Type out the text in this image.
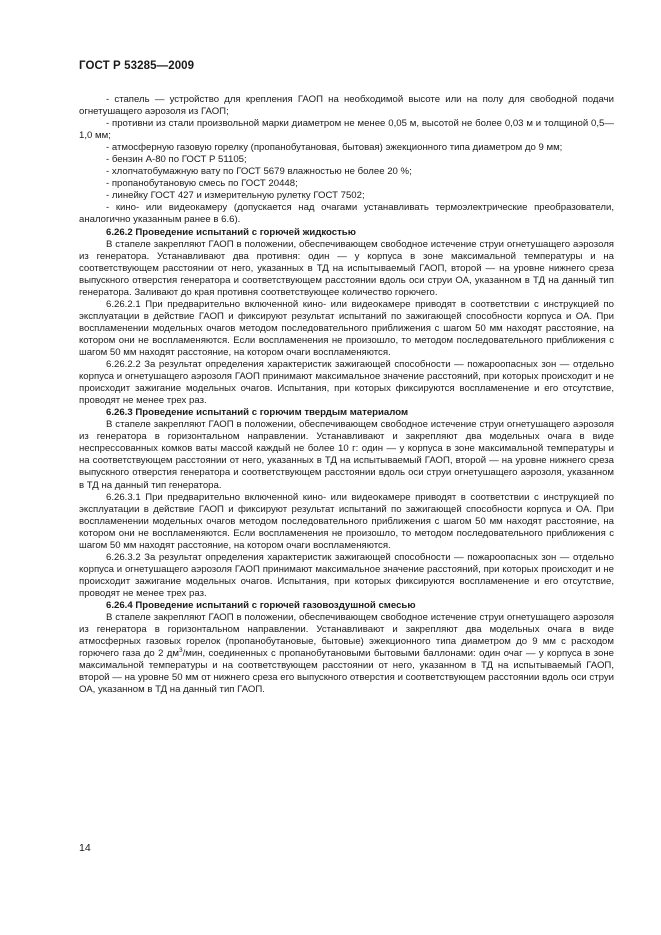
ГОСТ Р 53285—2009

- стапель — устройство для крепления ГАОП на необходимой высоте или на полу для свободной подачи огнетушащего аэрозоля из ГАОП;

- противни из стали произвольной марки диаметром не менее 0,05 м, высотой не более 0,03 м и толщиной 0,5—1,0 мм;

- атмосферную газовую горелку (пропанобутановая, бытовая) эжекционного типа диаметром до 9 мм;

- бензин А-80 по ГОСТ Р 51105;

- хлопчатобумажную вату по ГОСТ 5679 влажностью не более 20 %;

- пропанобутановую смесь по ГОСТ 20448;

- линейку ГОСТ 427 и измерительную рулетку ГОСТ 7502;

- кино- или видеокамеру (допускается над очагами устанавливать термоэлектрические преобразователи, аналогично указанным ранее в 6.6).

6.26.2 Проведение испытаний с горючей жидкостью

В стапеле закрепляют ГАОП в положении, обеспечивающем свободное истечение струи огнетушащего аэрозоля из генератора. Устанавливают два противня: один — у корпуса в зоне максимальной температуры и на соответствующем расстоянии от него, указанных в ТД на испытываемый ГАОП, второй — на уровне нижнего среза выпускного отверстия генератора и соответствующем расстоянии вдоль оси струи ОА, указанном в ТД на данный тип генератора. Заливают до края противня соответствующее количество горючего.

6.26.2.1 При предварительно включенной кино- или видеокамере приводят в соответствии с инструкцией по эксплуатации в действие ГАОП и фиксируют результат испытаний по зажигающей способности корпуса и ОА. При воспламенении модельных очагов методом последовательного приближения с шагом 50 мм находят расстояние, на котором они не воспламеняются. Если воспламенения не произошло, то методом последовательного приближения с шагом 50 мм находят расстояние, на котором очаги воспламеняются.

6.26.2.2 За результат определения характеристик зажигающей способности — пожароопасных зон — отдельно корпуса и огнетушащего аэрозоля ГАОП принимают максимальное значение расстояний, при которых происходит и не происходит зажигание модельных очагов. Испытания, при которых фиксируются воспламенение и его отсутствие, проводят не менее трех раз.

6.26.3 Проведение испытаний с горючим твердым материалом

В стапеле закрепляют ГАОП в положении, обеспечивающем свободное истечение струи огнетушащего аэрозоля из генератора в горизонтальном направлении. Устанавливают и закрепляют два модельных очага в виде неспрессованных комков ваты массой каждый не более 10 г: один — у корпуса в зоне максимальной температуры и на соответствующем расстоянии от него, указанных в ТД на испытываемый ГАОП, второй — на уровне нижнего среза выпускного отверстия генератора и соответствующем расстоянии вдоль оси струи огнетушащего аэрозоля, указанном в ТД на данный тип генератора.

6.26.3.1 При предварительно включенной кино- или видеокамере приводят в соответствии с инструкцией по эксплуатации в действие ГАОП и фиксируют результат испытаний по зажигающей способности корпуса и ОА. При воспламенении модельных очагов методом последовательного приближения с шагом 50 мм находят расстояние, на котором они не воспламеняются. Если воспламенения не произошло, то методом последовательного приближения с шагом 50 мм находят расстояние, на котором очаги воспламеняются.

6.26.3.2 За результат определения характеристик зажигающей способности — пожароопасных зон — отдельно корпуса и огнетушащего аэрозоля ГАОП принимают максимальное значение расстояний, при которых происходит и не происходит зажигание модельных очагов. Испытания, при которых фиксируются воспламенение и его отсутствие, проводят не менее трех раз.

6.26.4 Проведение испытаний с горючей газовоздушной смесью

В стапеле закрепляют ГАОП в положении, обеспечивающем свободное истечение струи огнетушащего аэрозоля из генератора в горизонтальном направлении. Устанавливают и закрепляют два модельных очага в виде атмосферных газовых горелок (пропанобутановые, бытовые) эжекционного типа диаметром до 9 мм с расходом горючего газа до 2 $дм^3$/мин, соединенных с пропанобутановыми бытовыми баллонами: один очаг — у корпуса в зоне максимальной температуры и на соответствующем расстоянии от него, указанном в ТД на испытываемый ГАОП, второй — на уровне 50 мм от нижнего среза его выпускного отверстия и соответствующем расстоянии вдоль оси струи ОА, указанном в ТД на данный тип ГАОП.

14
